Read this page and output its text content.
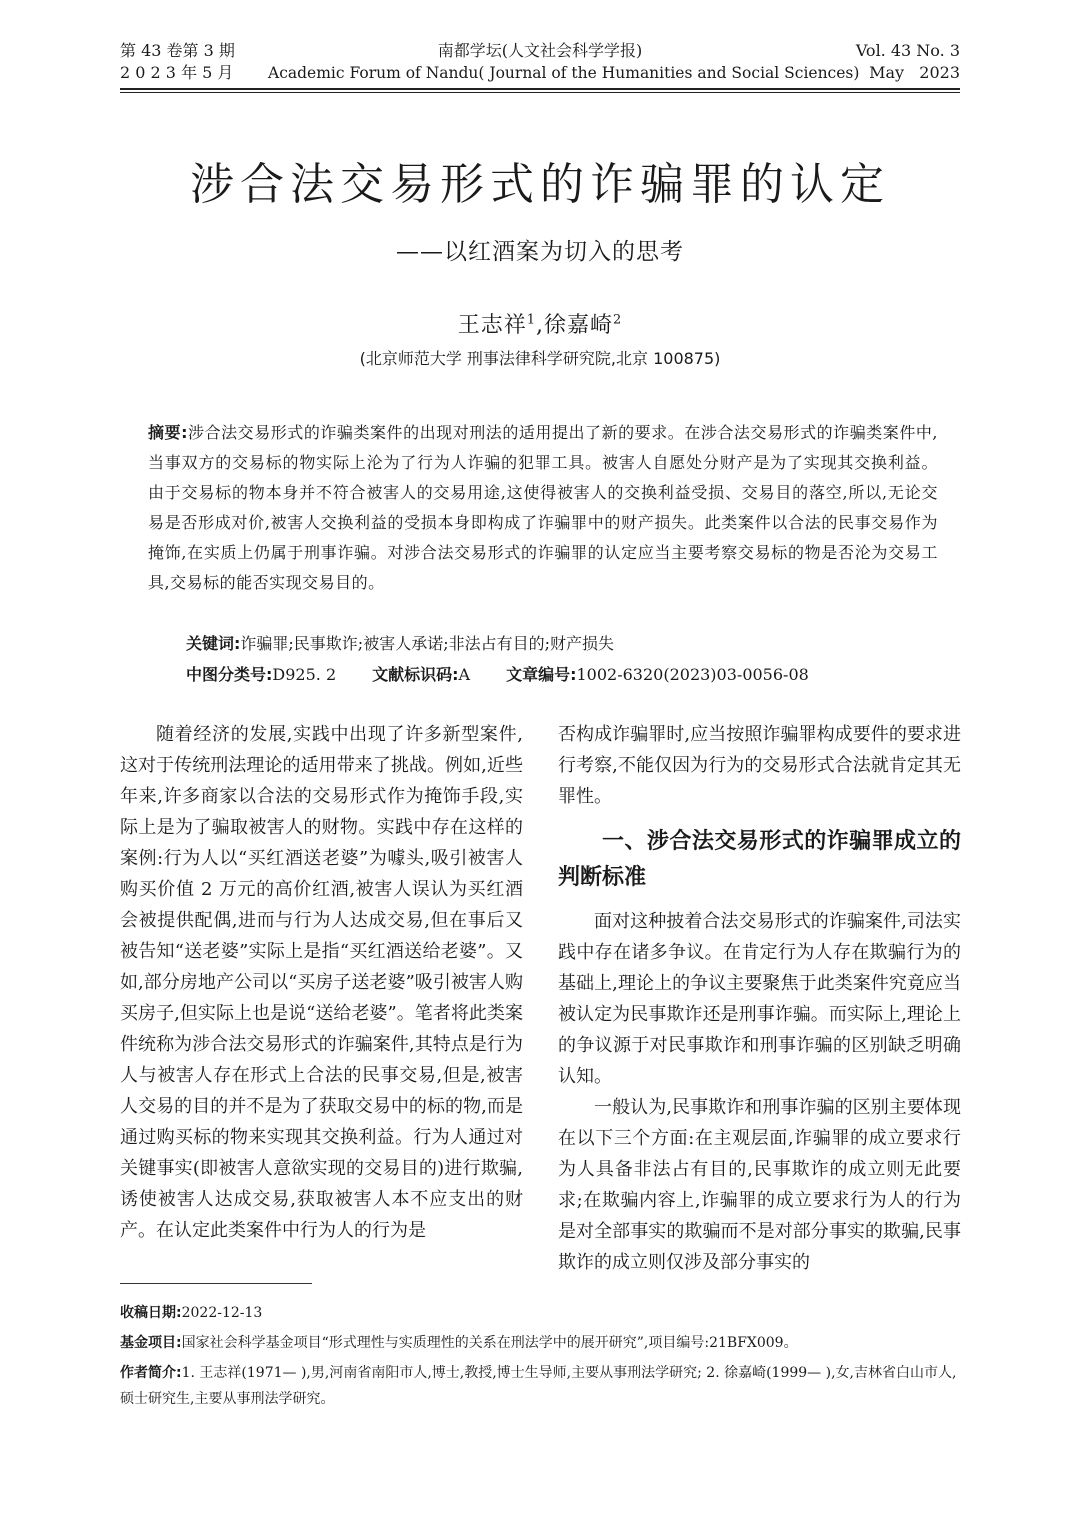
第 43 卷第 3 期
2 0 2 3 年 5 月
南都学坛(人文社会科学学报)
Academic Forum of Nandu( Journal of the Humanities and Social Sciences)
Vol. 43 No. 3
May   2023
涉合法交易形式的诈骗罪的认定
——以红酒案为切入的思考
王志祥$^1$,徐嘉崎$^2$
(北京师范大学 刑事法律科学研究院,北京 100875)
摘要:涉合法交易形式的诈骗类案件的出现对刑法的适用提出了新的要求。在涉合法交易形式的诈骗类案件中,当事双方的交易标的物实际上沦为了行为人诈骗的犯罪工具。被害人自愿处分财产是为了实现其交换利益。由于交易标的物本身并不符合被害人的交易用途,这使得被害人的交换利益受损、交易目的落空,所以,无论交易是否形成对价,被害人交换利益的受损本身即构成了诈骗罪中的财产损失。此类案件以合法的民事交易作为掩饰,在实质上仍属于刑事诈骗。对涉合法交易形式的诈骗罪的认定应当主要考察交易标的物是否沦为交易工具,交易标的能否实现交易目的。
关键词:诈骗罪;民事欺诈;被害人承诺;非法占有目的;财产损失
中图分类号:D925. 2 文献标识码:A 文章编号:1002-6320(2023)03-0056-08

随着经济的发展,实践中出现了许多新型案件,这对于传统刑法理论的适用带来了挑战。例如,近些年来,许多商家以合法的交易形式作为掩饰手段,实际上是为了骗取被害人的财物。实践中存在这样的案例:行为人以“买红酒送老婆”为噱头,吸引被害人购买价值 2 万元的高价红酒,被害人误认为买红酒会被提供配偶,进而与行为人达成交易,但在事后又被告知“送老婆”实际上是指“买红酒送给老婆”。又如,部分房地产公司以“买房子送老婆”吸引被害人购买房子,但实际上也是说“送给老婆”。笔者将此类案件统称为涉合法交易形式的诈骗案件,其特点是行为人与被害人存在形式上合法的民事交易,但是,被害人交易的目的并不是为了获取交易中的标的物,而是通过购买标的物来实现其交换利益。行为人通过对关键事实(即被害人意欲实现的交易目的)进行欺骗,诱使被害人达成交易,获取被害人本不应支出的财产。在认定此类案件中行为人的行为是

否构成诈骗罪时,应当按照诈骗罪构成要件的要求进行考察,不能仅因为行为的交易形式合法就肯定其无罪性。

一、涉合法交易形式的诈骗罪成立的判断标准

面对这种披着合法交易形式的诈骗案件,司法实践中存在诸多争议。在肯定行为人存在欺骗行为的基础上,理论上的争议主要聚焦于此类案件究竟应当被认定为民事欺诈还是刑事诈骗。而实际上,理论上的争议源于对民事欺诈和刑事诈骗的区别缺乏明确认知。

一般认为,民事欺诈和刑事诈骗的区别主要体现在以下三个方面:在主观层面,诈骗罪的成立要求行为人具备非法占有目的,民事欺诈的成立则无此要求;在欺骗内容上,诈骗罪的成立要求行为人的行为是对全部事实的欺骗而不是对部分事实的欺骗,民事欺诈的成立则仅涉及部分事实的

收稿日期:2022-12-13
基金项目:国家社会科学基金项目“形式理性与实质理性的关系在刑法学中的展开研究”,项目编号:21BFX009。
作者简介:1. 王志祥(1971— ),男,河南省南阳市人,博士,教授,博士生导师,主要从事刑法学研究; 2. 徐嘉崎(1999— ),女,吉林省白山市人,硕士研究生,主要从事刑法学研究。
